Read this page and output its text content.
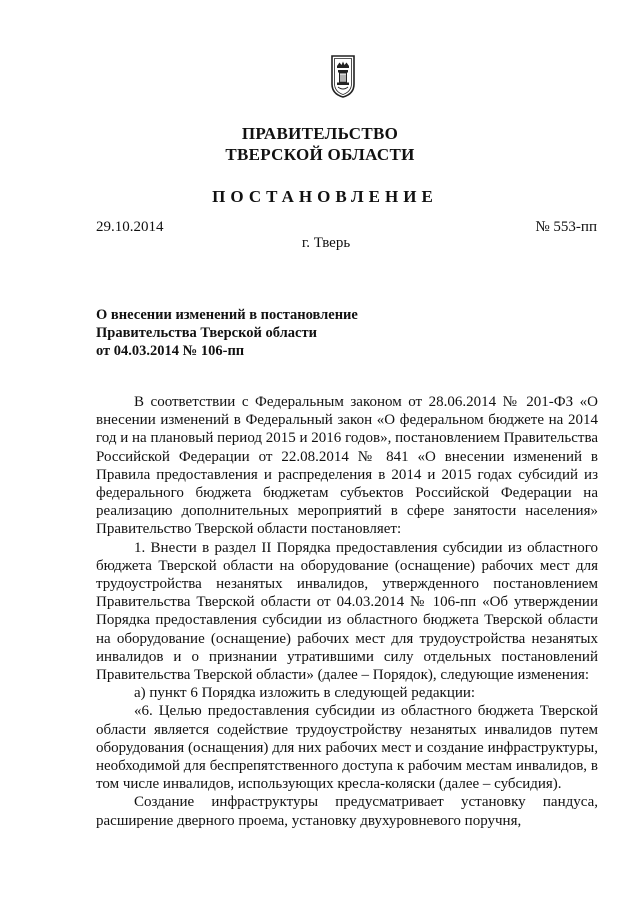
ПРАВИТЕЛЬСТВО
ТВЕРСКОЙ ОБЛАСТИ
ПОСТАНОВЛЕНИЕ
29.10.2014	№ 553-пп
г. Тверь
О внесении изменений в постановление
Правительства Тверской области
от 04.03.2014 № 106-пп

В соответствии с Федеральным законом от 28.06.2014 № 201-ФЗ «О внесении изменений в Федеральный закон «О федеральном бюджете на 2014 год и на плановый период 2015 и 2016 годов», постановлением Правительства Российской Федерации от 22.08.2014 № 841 «О внесении изменений в Правила предоставления и распределения в 2014 и 2015 годах субсидий из федерального бюджета бюджетам субъектов Российской Федерации на реализацию дополнительных мероприятий в сфере занятости населения» Правительство Тверской области постановляет:

1. Внести в раздел II Порядка предоставления субсидии из областного бюджета Тверской области на оборудование (оснащение) рабочих мест для трудоустройства незанятых инвалидов, утвержденного постановлением Правительства Тверской области от 04.03.2014 № 106-пп «Об утверждении Порядка предоставления субсидии из областного бюджета Тверской области на оборудование (оснащение) рабочих мест для трудоустройства незанятых инвалидов и о признании утратившими силу отдельных постановлений Правительства Тверской области» (далее – Порядок), следующие изменения:

а) пункт 6 Порядка изложить в следующей редакции:

«6. Целью предоставления субсидии из областного бюджета Тверской области является содействие трудоустройству незанятых инвалидов путем оборудования (оснащения) для них рабочих мест и создание инфраструктуры, необходимой для беспрепятственного доступа к рабочим местам инвалидов, в том числе инвалидов, использующих кресла-коляски (далее – субсидия).

Создание инфраструктуры предусматривает установку пандуса, расширение дверного проема, установку двухуровневого поручня,
